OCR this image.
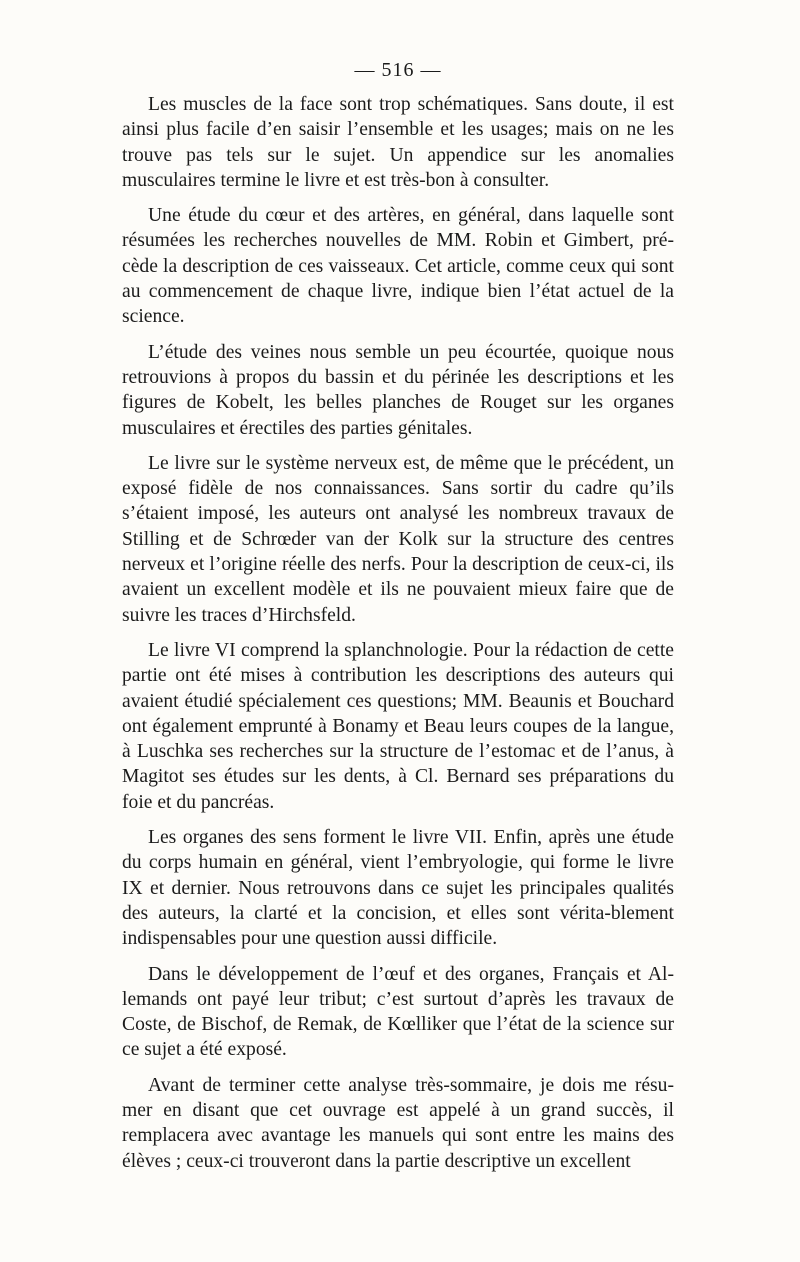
— 516 —

Les muscles de la face sont trop schématiques. Sans doute, il est ainsi plus facile d’en saisir l’ensemble et les usages; mais on ne les trouve pas tels sur le sujet. Un appendice sur les anomalies musculaires termine le livre et est très-bon à consulter.

Une étude du cœur et des artères, en général, dans laquelle sont résumées les recherches nouvelles de MM. Robin et Gimbert, pré-cède la description de ces vaisseaux. Cet article, comme ceux qui sont au commencement de chaque livre, indique bien l’état actuel de la science.

L’étude des veines nous semble un peu écourtée, quoique nous retrouvions à propos du bassin et du périnée les descriptions et les figures de Kobelt, les belles planches de Rouget sur les organes musculaires et érectiles des parties génitales.

Le livre sur le système nerveux est, de même que le précédent, un exposé fidèle de nos connaissances. Sans sortir du cadre qu’ils s’étaient imposé, les auteurs ont analysé les nombreux travaux de Stilling et de Schrœder van der Kolk sur la structure des centres nerveux et l’origine réelle des nerfs. Pour la description de ceux-ci, ils avaient un excellent modèle et ils ne pouvaient mieux faire que de suivre les traces d’Hirchsfeld.

Le livre VI comprend la splanchnologie. Pour la rédaction de cette partie ont été mises à contribution les descriptions des auteurs qui avaient étudié spécialement ces questions; MM. Beaunis et Bouchard ont également emprunté à Bonamy et Beau leurs coupes de la langue, à Luschka ses recherches sur la structure de l’estomac et de l’anus, à Magitot ses études sur les dents, à Cl. Bernard ses préparations du foie et du pancréas.

Les organes des sens forment le livre VII. Enfin, après une étude du corps humain en général, vient l’embryologie, qui forme le livre IX et dernier. Nous retrouvons dans ce sujet les principales qualités des auteurs, la clarté et la concision, et elles sont vérita-blement indispensables pour une question aussi difficile.

Dans le développement de l’œuf et des organes, Français et Al-lemands ont payé leur tribut; c’est surtout d’après les travaux de Coste, de Bischof, de Remak, de Kœlliker que l’état de la science sur ce sujet a été exposé.

Avant de terminer cette analyse très-sommaire, je dois me résu-mer en disant que cet ouvrage est appelé à un grand succès, il remplacera avec avantage les manuels qui sont entre les mains des élèves ; ceux-ci trouveront dans la partie descriptive un excellent
